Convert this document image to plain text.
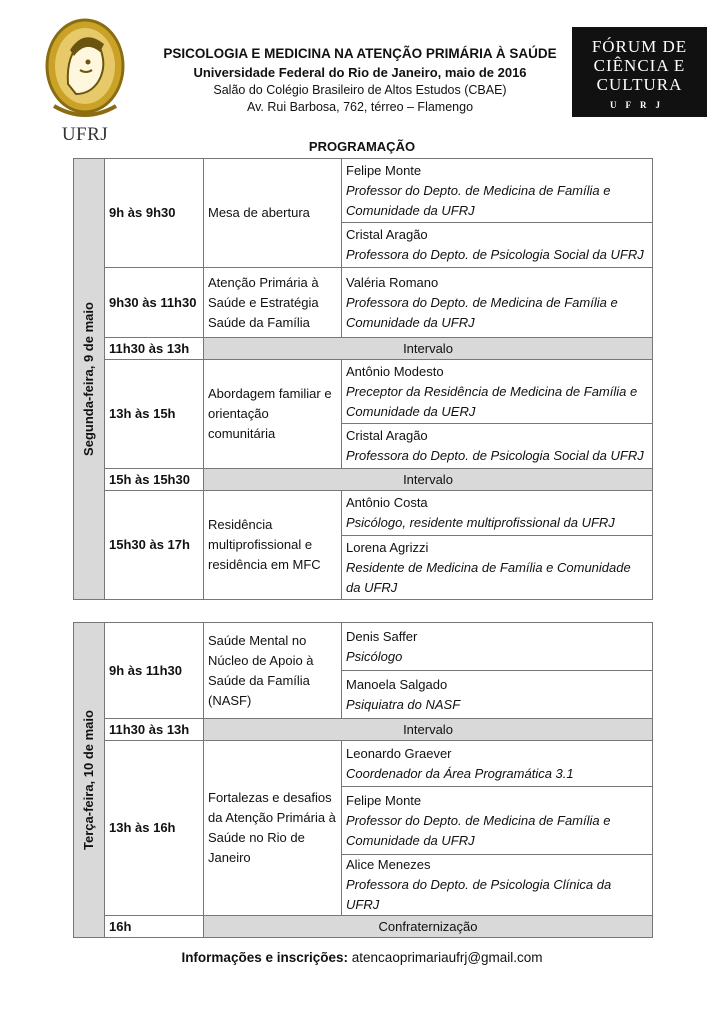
UFRJ
PSICOLOGIA E MEDICINA NA ATENÇÃO PRIMÁRIA À SAÚDE
Universidade Federal do Rio de Janeiro, maio de 2016
Salão do Colégio Brasileiro de Altos Estudos (CBAE)
Av. Rui Barbosa, 762, térreo – Flamengo
FÓRUM DE
CIÊNCIA E
CULTURA
UFRJ
PROGRAMAÇÃO
Segunda-feira, 9 de maio	9h às 9h30	Mesa de abertura	Felipe Monte
Professor do Depto. de Medicina de Família e Comunidade da UFRJ

			Cristal Aragão
Professora do Depto. de Psicologia Social da UFRJ

	9h30 às 11h30	Atenção Primária à Saúde e Estratégia Saúde da Família	Valéria Romano
Professora do Depto. de Medicina de Família e Comunidade da UFRJ

	11h30 às 13h	Intervalo	
	13h às 15h	Abordagem familiar e orientação comunitária	Antônio Modesto
Preceptor da Residência de Medicina de Família e Comunidade da UERJ

			Cristal Aragão
Professora do Depto. de Psicologia Social da UFRJ

	15h às 15h30	Intervalo	
	15h30 às 17h	Residência multiprofissional e residência em MFC	Antônio Costa
Psicólogo, residente multiprofissional da UFRJ

			Lorena Agrizzi
Residente de Medicina de Família e Comunidade da UFRJ
Terça-feira, 10 de maio	9h às 11h30	Saúde Mental no Núcleo de Apoio à Saúde da Família (NASF)	Denis Saffer
Psicólogo

			Manoela Salgado
Psiquiatra do NASF

	11h30 às 13h	Intervalo	
	13h às 16h	Fortalezas e desafios da Atenção Primária à Saúde no Rio de Janeiro	Leonardo Graever
Coordenador da Área Programática 3.1

			Felipe Monte
Professor do Depto. de Medicina de Família e Comunidade da UFRJ

			Alice Menezes
Professora do Depto. de Psicologia Clínica da UFRJ

	16h	Confraternização	
Informações e inscrições: atencaoprimariaufrj@gmail.com
